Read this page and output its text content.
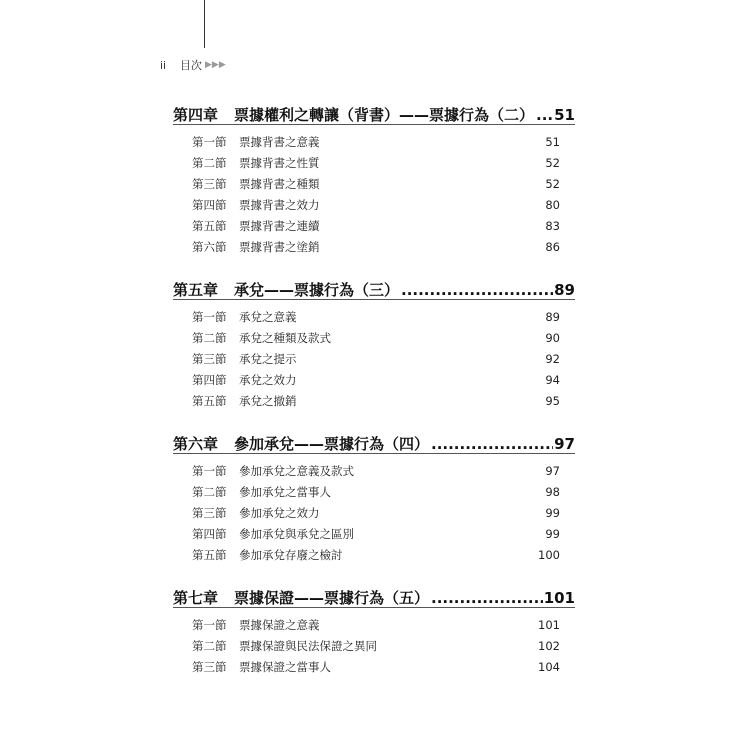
ii	目次 ▶▶▶
第四章	票據權利之轉讓（背書）——票據行為（二） ..... 51
第一節	票據背書之意義	51
第二節	票據背書之性質	52
第三節	票據背書之種類	52
第四節	票據背書之效力	80
第五節	票據背書之連續	83
第六節	票據背書之塗銷	86
第五章	承兌——票據行為（三） .....	89
第一節	承兌之意義	89
第二節	承兌之種類及款式	90
第三節	承兌之提示	92
第四節	承兌之效力	94
第五節	承兌之撤銷	95
第六章	參加承兌——票據行為（四） .....	97
第一節	參加承兌之意義及款式	97
第二節	參加承兌之當事人	98
第三節	參加承兌之效力	99
第四節	參加承兌與承兌之區別	99
第五節	參加承兌存廢之檢討	100
第七章	票據保證——票據行為（五） .....	101
第一節	票據保證之意義	101
第二節	票據保證與民法保證之異同	102
第三節	票據保證之當事人	104
